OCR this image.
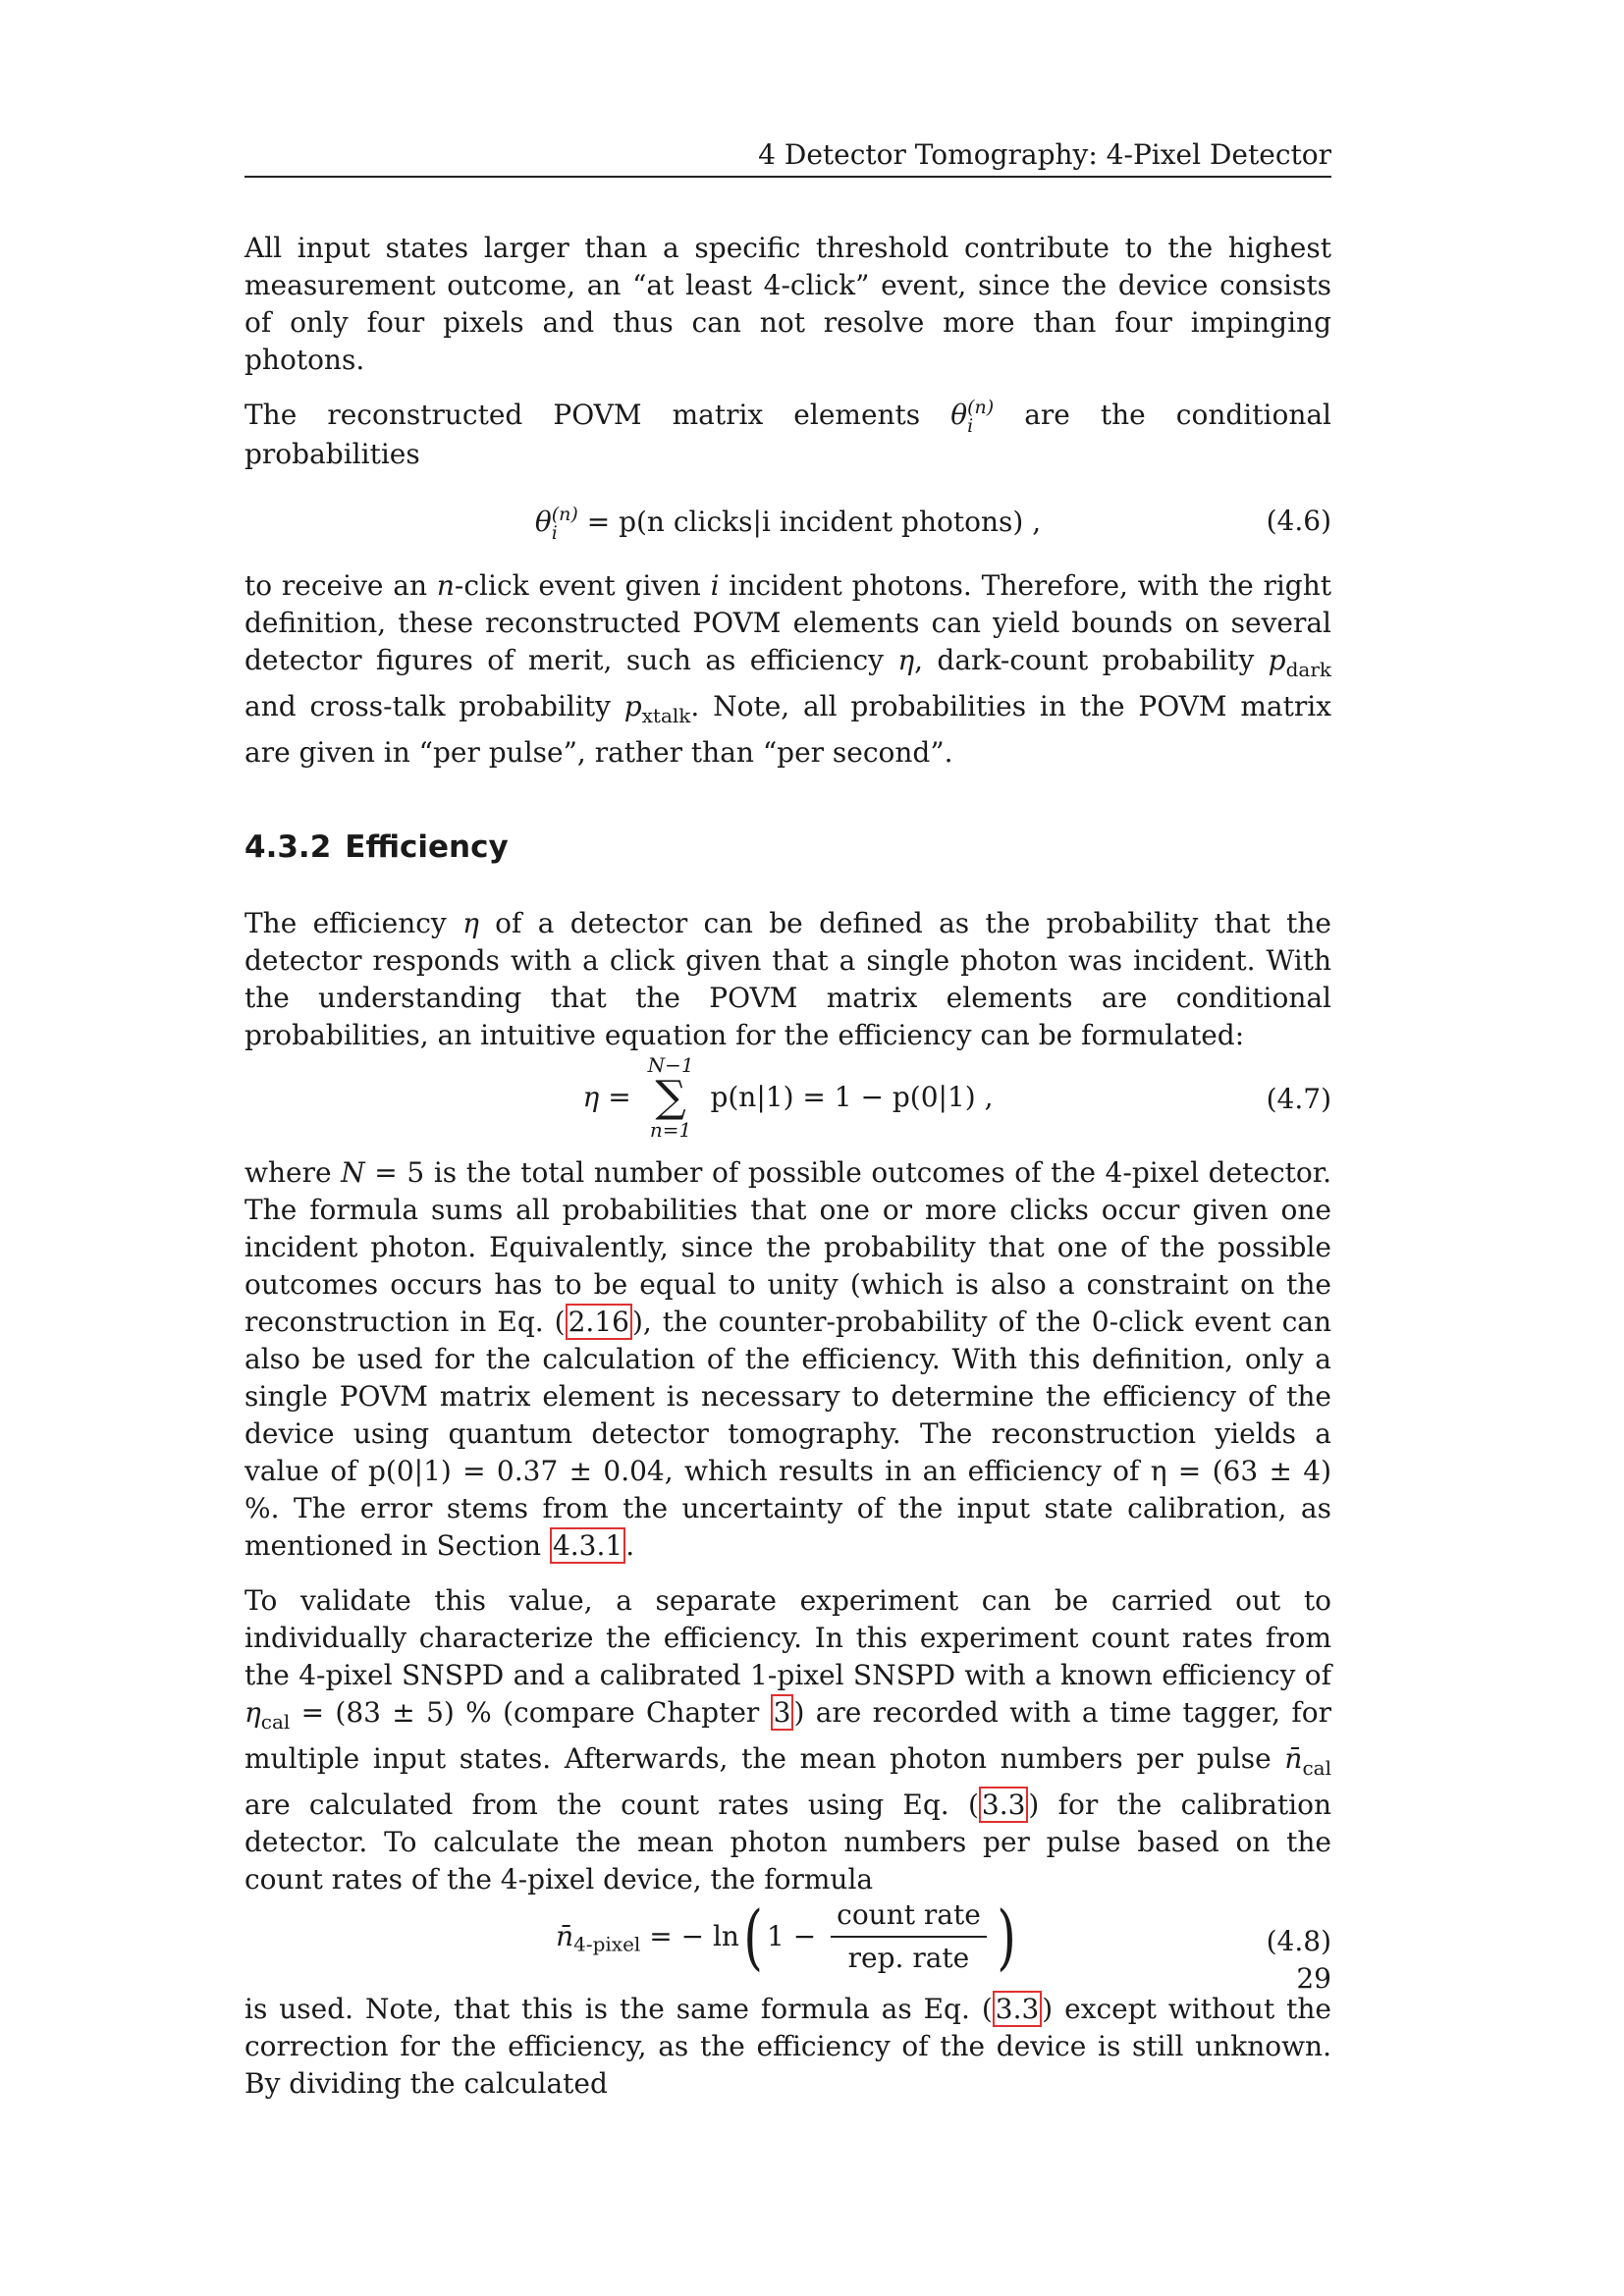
4 Detector Tomography: 4-Pixel Detector

All input states larger than a specific threshold contribute to the highest measurement outcome, an “at least 4-click” event, since the device consists of only four pixels and thus can not resolve more than four impinging photons.

The reconstructed POVM matrix elements θ (n)
i are the conditional probabilities

θ (n)
i	= p(n clicks|i incident photons) ,	(4.6)

to receive an n-click event given i incident photons. Therefore, with the right definition, these reconstructed POVM elements can yield bounds on several detector figures of merit, such as efficiency η, dark-count probability $p_{dark}$ and cross-talk probability $p_{xtalk}$. Note, all probabilities in the POVM matrix are given in “per pulse”, rather than “per second”.

4.3.2 Efficiency

The efficiency η of a detector can be defined as the probability that the detector responds with a click given that a single photon was incident. With the understanding that the POVM matrix elements are conditional probabilities, an intuitive equation for the efficiency can be formulated:

η =
N−1
∑
n=1
p(n|1) = 1 − p(0|1) ,	(4.7)

where N = 5 is the total number of possible outcomes of the 4-pixel detector. The formula sums all probabilities that one or more clicks occur given one incident photon. Equivalently, since the probability that one of the possible outcomes occurs has to be equal to unity (which is also a constraint on the reconstruction in Eq. ( 2.16 ), the counter-probability of the 0-click event can also be used for the calculation of the efficiency. With this definition, only a single POVM matrix element is necessary to determine the efficiency of the device using quantum detector tomography. The reconstruction yields a value of p(0|1) = 0.37 ± 0.04, which results in an efficiency of η = (63 ± 4) %. The error stems from the uncertainty of the input state calibration, as mentioned in Section 4.3.1 .

To validate this value, a separate experiment can be carried out to individually characterize the efficiency. In this experiment count rates from the 4-pixel SNSPD and a calibrated 1-pixel SNSPD with a known efficiency of $\eta_{cal} = (83 \pm 5)$ % (compare Chapter 3 ) are recorded with a time tagger, for multiple input states. Afterwards, the mean photon numbers per pulse $n̄_{cal}$ are calculated from the count rates using Eq. ( 3.3 ) for the calibration detector. To calculate the mean photon numbers per pulse based on the count rates of the 4-pixel device, the formula

$n̄_{4-pixel}$ = − ln( $1 - \frac{\text{count rate}}{\text{rep. rate}}$ )	(4.8)

is used. Note, that this is the same formula as Eq. ( 3.3 ) except without the correction for the efficiency, as the efficiency of the device is still unknown. By dividing the calculated

29
